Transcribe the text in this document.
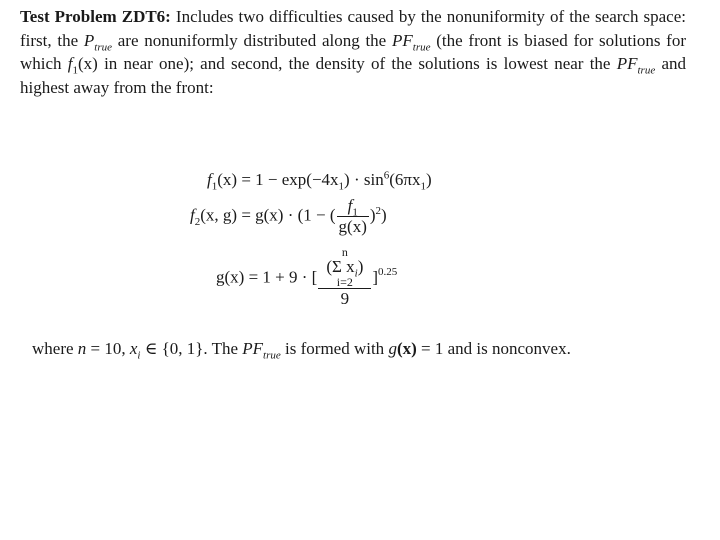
Test Problem ZDT6: Includes two difficulties caused by the nonuniformity of the search space: first, the $P_{true}$ are nonuniformly distributed along the $PF_{true}$ (the front is biased for solutions for which $f_1(x)$ in near one); and second, the density of the solutions is lowest near the $PF_{true}$ and highest away from the front:
$f_1(x) = 1 - \exp(-4x_1) \cdot \sin^6(6\pi x_1)$
$f_2(x$, g) = g(x) · (1 − ( $\frac{f_1}{g(x)} )^2$)
g(x) = 1 + 9 · [ n
(Σ $x_i$)
i=2
9 ]$^{0.25}$
where n = 10, $x_i$ ∈ {0, 1}. The $PF_{true}$ is formed with g(x) = 1 and is nonconvex.
